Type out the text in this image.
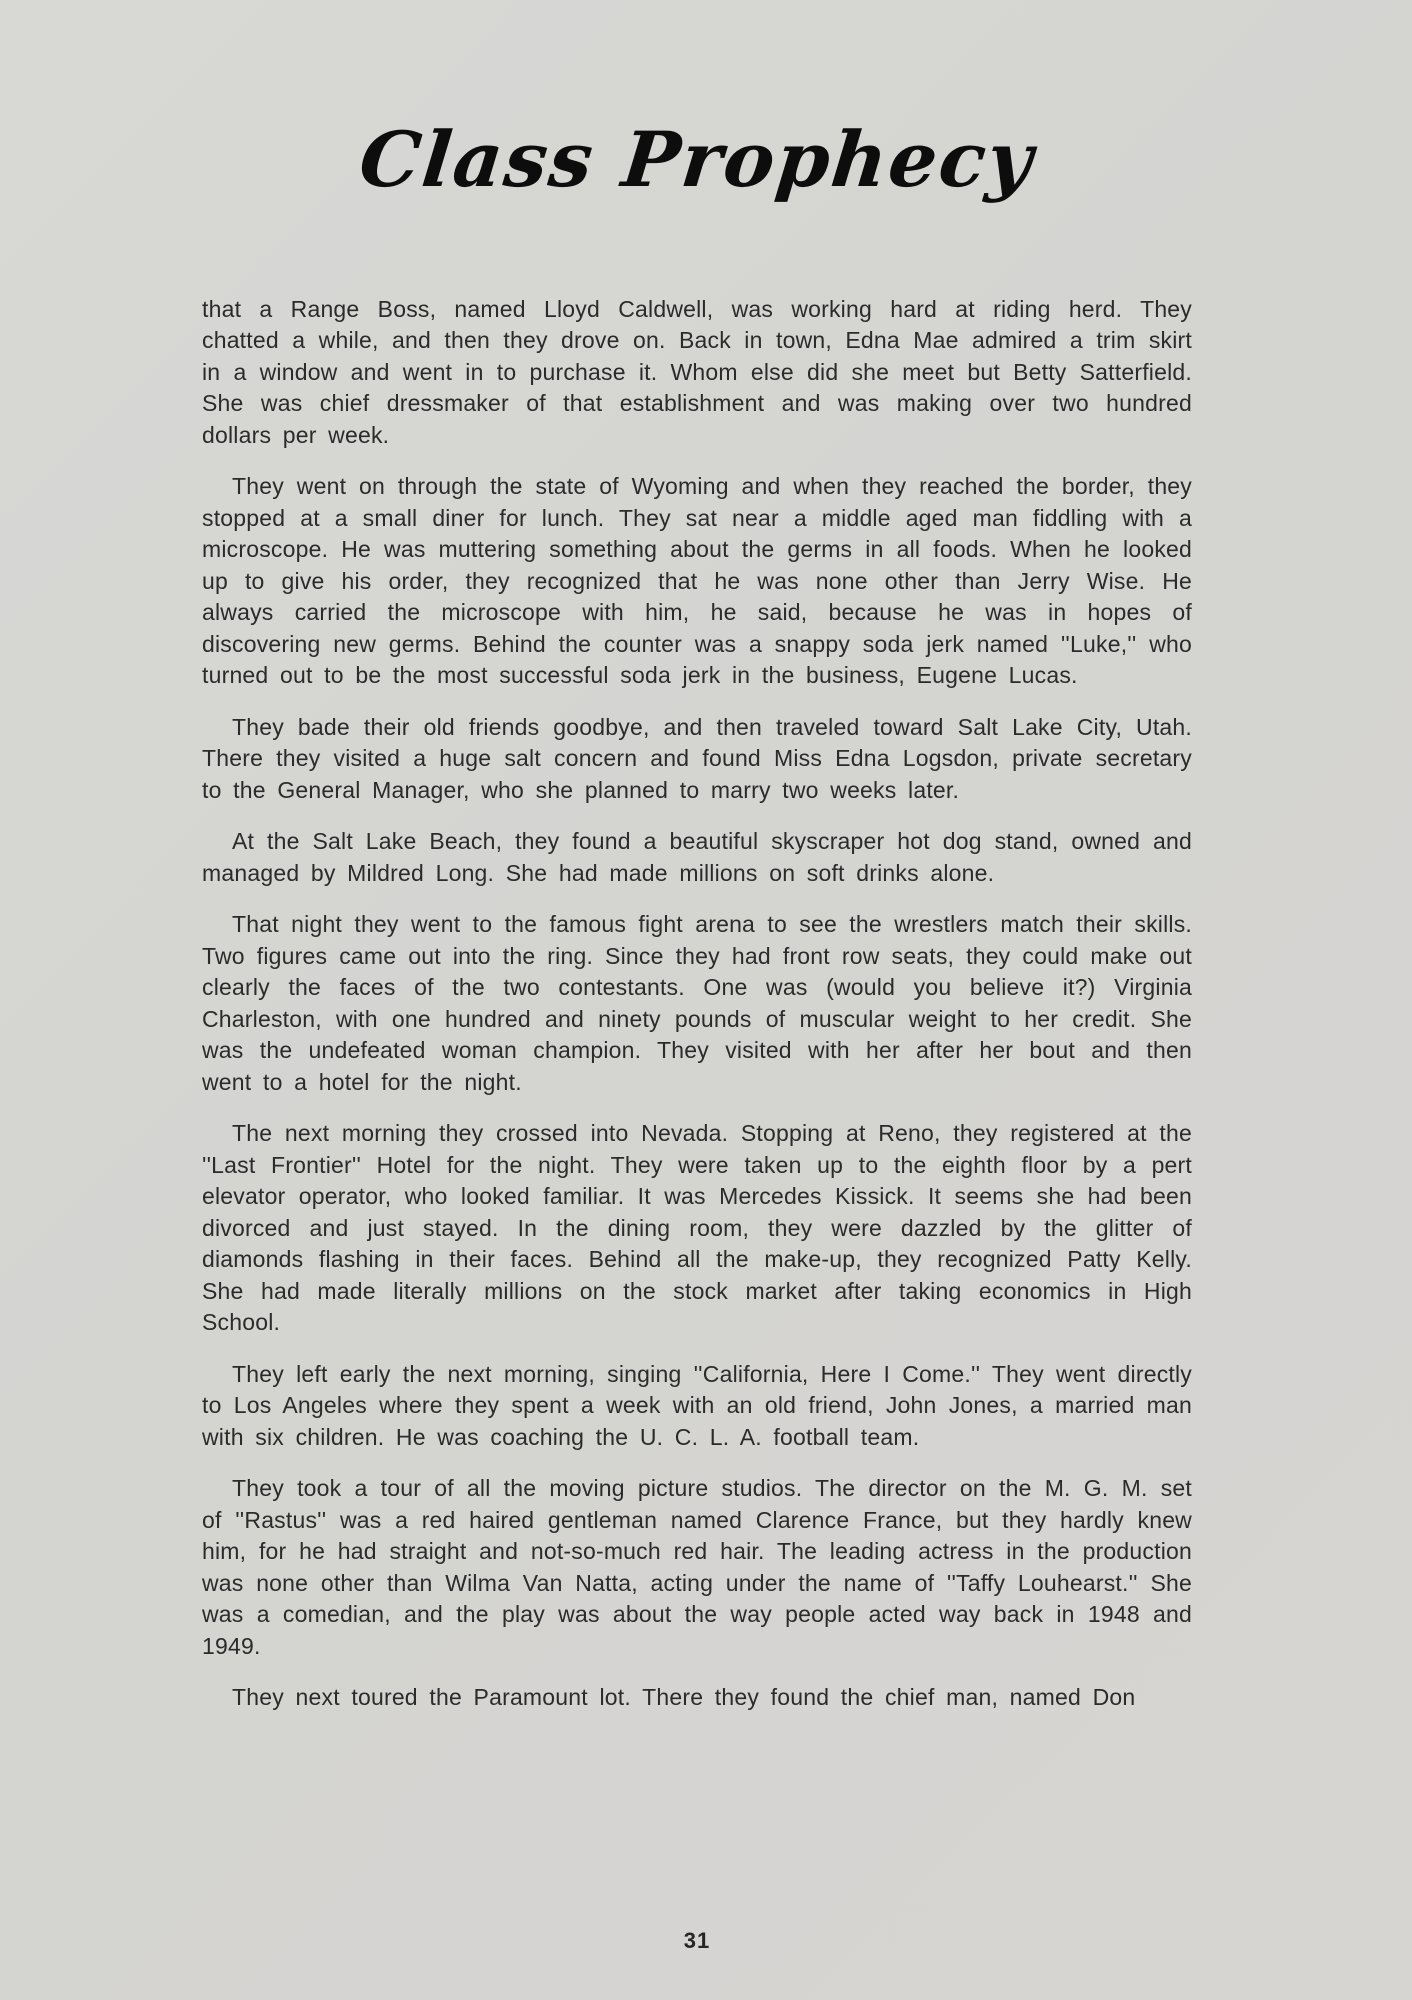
Class Prophecy

that a Range Boss, named Lloyd Caldwell, was working hard at riding herd. They chatted a while, and then they drove on. Back in town, Edna Mae admired a trim skirt in a window and went in to purchase it. Whom else did she meet but Betty Satterfield. She was chief dressmaker of that establishment and was making over two hundred dollars per week.

They went on through the state of Wyoming and when they reached the border, they stopped at a small diner for lunch. They sat near a middle aged man fiddling with a microscope. He was muttering something about the germs in all foods. When he looked up to give his order, they recognized that he was none other than Jerry Wise. He always carried the microscope with him, he said, because he was in hopes of discovering new germs. Behind the counter was a snappy soda jerk named ''Luke,'' who turned out to be the most successful soda jerk in the business, Eugene Lucas.

They bade their old friends goodbye, and then traveled toward Salt Lake City, Utah. There they visited a huge salt concern and found Miss Edna Logsdon, private secretary to the General Manager, who she planned to marry two weeks later.

At the Salt Lake Beach, they found a beautiful skyscraper hot dog stand, owned and managed by Mildred Long. She had made millions on soft drinks alone.

That night they went to the famous fight arena to see the wrestlers match their skills. Two figures came out into the ring. Since they had front row seats, they could make out clearly the faces of the two contestants. One was (would you believe it?) Virginia Charleston, with one hundred and ninety pounds of muscular weight to her credit. She was the undefeated woman champion. They visited with her after her bout and then went to a hotel for the night.

The next morning they crossed into Nevada. Stopping at Reno, they registered at the ''Last Frontier'' Hotel for the night. They were taken up to the eighth floor by a pert elevator operator, who looked familiar. It was Mercedes Kissick. It seems she had been divorced and just stayed. In the dining room, they were dazzled by the glitter of diamonds flashing in their faces. Behind all the make-up, they recognized Patty Kelly. She had made literally millions on the stock market after taking economics in High School.

They left early the next morning, singing ''California, Here I Come.'' They went directly to Los Angeles where they spent a week with an old friend, John Jones, a married man with six children. He was coaching the U. C. L. A. football team.

They took a tour of all the moving picture studios. The director on the M. G. M. set of ''Rastus'' was a red haired gentleman named Clarence France, but they hardly knew him, for he had straight and not-so-much red hair. The leading actress in the production was none other than Wilma Van Natta, acting under the name of ''Taffy Louhearst.'' She was a comedian, and the play was about the way people acted way back in 1948 and 1949.

They next toured the Paramount lot. There they found the chief man, named Don

31
